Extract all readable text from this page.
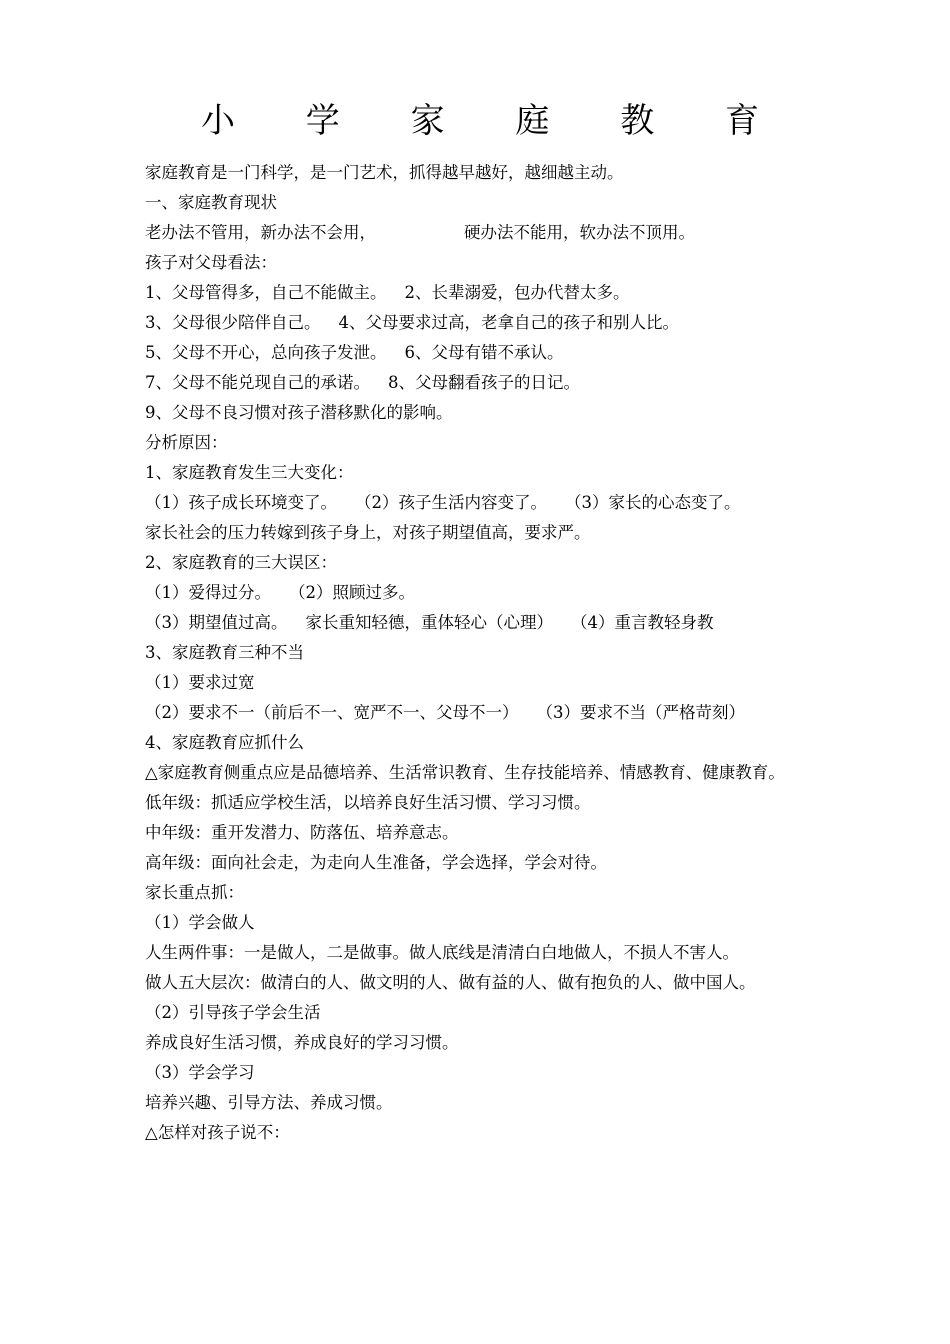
小 学 家 庭 教 育
家庭教育是一门科学，是一门艺术，抓得越早越好，越细越主动。
一、家庭教育现状
老办法不管用，新办法不会用，	硬办法不能用，软办法不顶用。
孩子对父母看法：
1、父母管得多，自己不能做主。 2、长辈溺爱，包办代替太多。
3、父母很少陪伴自己。 4、父母要求过高，老拿自己的孩子和别人比。
5、父母不开心，总向孩子发泄。 6、父母有错不承认。
7、父母不能兑现自己的承诺。 8、父母翻看孩子的日记。
9、父母不良习惯对孩子潜移默化的影响。
分析原因：
1、家庭教育发生三大变化：
（1）孩子成长环境变了。 （2）孩子生活内容变了。 （3）家长的心态变了。
家长社会的压力转嫁到孩子身上，对孩子期望值高，要求严。
2、家庭教育的三大误区：
（1）爱得过分。 （2）照顾过多。
（3）期望值过高。 家长重知轻德，重体轻心（心理） （4）重言教轻身教
3、家庭教育三种不当
（1）要求过宽
（2）要求不一（前后不一、宽严不一、父母不一） （3）要求不当（严格苛刻）
4、家庭教育应抓什么
△家庭教育侧重点应是品德培养、生活常识教育、生存技能培养、情感教育、健康教育。
低年级：抓适应学校生活，以培养良好生活习惯、学习习惯。
中年级：重开发潜力、防落伍、培养意志。
高年级：面向社会走，为走向人生准备，学会选择，学会对待。
家长重点抓：
（1）学会做人
人生两件事：一是做人，二是做事。做人底线是清清白白地做人，不损人不害人。
做人五大层次：做清白的人、做文明的人、做有益的人、做有抱负的人、做中国人。
（2）引导孩子学会生活
养成良好生活习惯，养成良好的学习习惯。
（3）学会学习
培养兴趣、引导方法、养成习惯。
△怎样对孩子说不：
